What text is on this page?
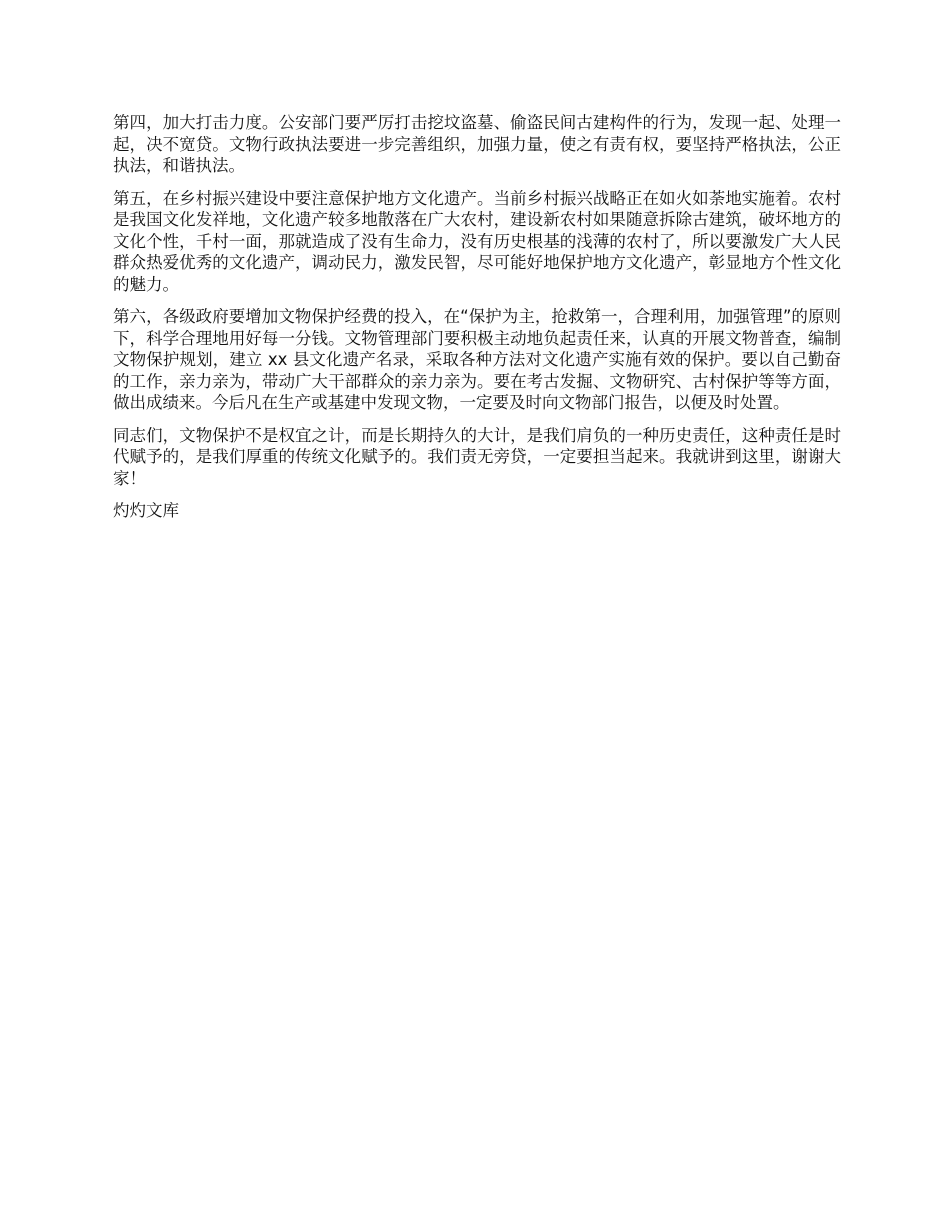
第四，加大打击力度。公安部门要严厉打击挖坟盗墓、偷盗民间古建构件的行为，发现一起、处理一起，决不宽贷。文物行政执法要进一步完善组织，加强力量，使之有责有权，要坚持严格执法，公正执法，和谐执法。

第五，在乡村振兴建设中要注意保护地方文化遗产。当前乡村振兴战略正在如火如荼地实施着。农村是我国文化发祥地，文化遗产较多地散落在广大农村，建设新农村如果随意拆除古建筑，破坏地方的文化个性，千村一面，那就造成了没有生命力，没有历史根基的浅薄的农村了，所以要激发广大人民群众热爱优秀的文化遗产，调动民力，激发民智，尽可能好地保护地方文化遗产，彰显地方个性文化的魅力。

第六，各级政府要增加文物保护经费的投入，在“保护为主，抢救第一，合理利用，加强管理”的原则下，科学合理地用好每一分钱。文物管理部门要积极主动地负起责任来，认真的开展文物普查，编制文物保护规划，建立 xx 县文化遗产名录，采取各种方法对文化遗产实施有效的保护。要以自己勤奋的工作，亲力亲为，带动广大干部群众的亲力亲为。要在考古发掘、文物研究、古村保护等等方面，做出成绩来。今后凡在生产或基建中发现文物，一定要及时向文物部门报告，以便及时处置。

同志们，文物保护不是权宜之计，而是长期持久的大计，是我们肩负的一种历史责任，这种责任是时代赋予的，是我们厚重的传统文化赋予的。我们责无旁贷，一定要担当起来。我就讲到这里，谢谢大家！

灼灼文库
